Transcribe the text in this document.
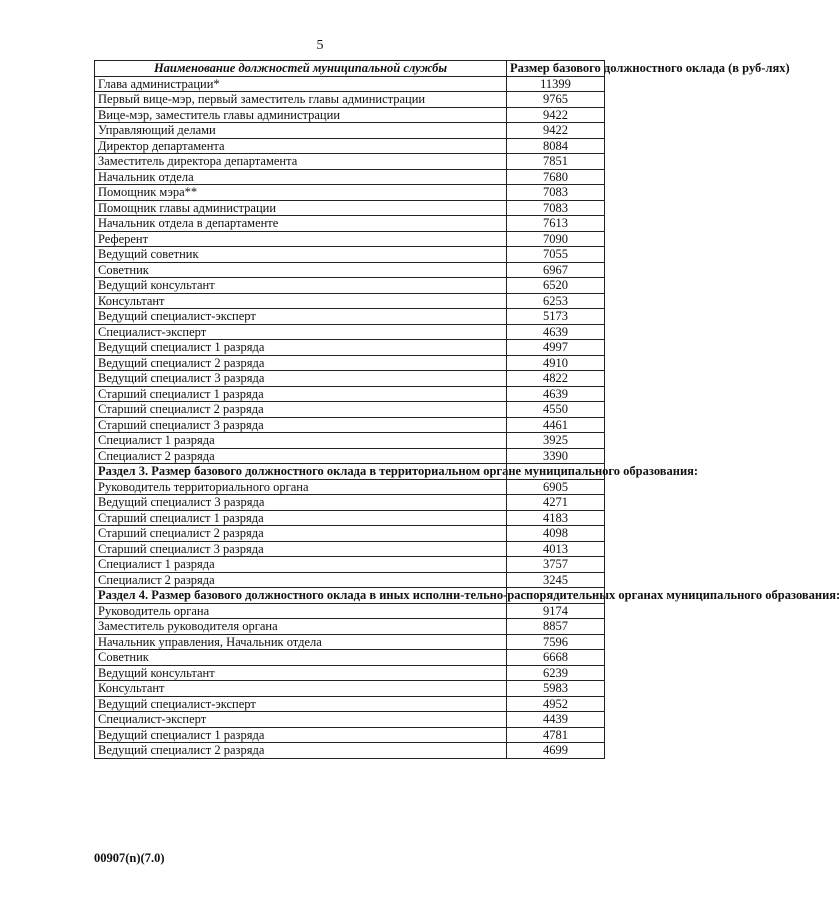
5
Наименование должностей муниципальной службы	Размер базового должностного оклада (в руб-лях)
Глава администрации*	11399
Первый вице-мэр, первый заместитель главы администрации	9765
Вице-мэр, заместитель главы администрации	9422
Управляющий делами	9422
Директор департамента	8084
Заместитель директора департамента	7851
Начальник отдела	7680
Помощник мэра**	7083
Помощник главы администрации	7083
Начальник отдела в департаменте	7613
Референт	7090
Ведущий советник	7055
Советник	6967
Ведущий консультант	6520
Консультант	6253
Ведущий специалист-эксперт	5173
Специалист-эксперт	4639
Ведущий специалист 1 разряда	4997
Ведущий специалист 2 разряда	4910
Ведущий специалист 3 разряда	4822
Старший специалист 1 разряда	4639
Старший специалист 2 разряда	4550
Старший специалист 3 разряда	4461
Специалист 1 разряда	3925
Специалист 2 разряда	3390
Раздел 3. Размер базового должностного оклада в территориальном органе муниципального образования:	
Руководитель территориального органа	6905
Ведущий специалист 3 разряда	4271
Старший специалист 1 разряда	4183
Старший специалист 2 разряда	4098
Старший специалист 3 разряда	4013
Специалист 1 разряда	3757
Специалист 2 разряда	3245
Раздел 4. Размер базового должностного оклада в иных исполни-тельно-распорядительных органах муниципального образования:	
Руководитель органа	9174
Заместитель руководителя органа	8857
Начальник управления, Начальник отдела	7596
Советник	6668
Ведущий консультант	6239
Консультант	5983
Ведущий специалист-эксперт	4952
Специалист-эксперт	4439
Ведущий специалист 1 разряда	4781
Ведущий специалист 2 разряда	4699
00907(n)(7.0)
